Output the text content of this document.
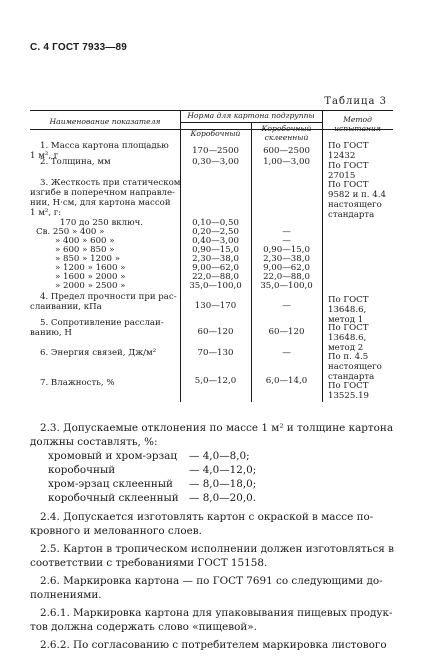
С. 4 ГОСТ 7933—89
Таблица 3
Наименование показателя
Норма для картона подгруппы
Коробочный
Коробочный
склеенный
Метод
испытания
1. Масса картона площадью
1 м², г	170—2500	600—2500	По ГОСТ
12432
2. Толщина, мм	0,30—3,00	1,00—3,00	По ГОСТ
27015
3. Жесткость при статическом
изгибе в поперечном направле-
нии, Н·см, для картона массой
1 м², г:
По ГОСТ
9582 и п. 4.4
настоящего
стандарта
170 до 250 включ.	0,10—0,50
Св. 250 » 400 »	0,20—2,50	—
» 400 » 600 »	0,40—3,00	—
» 600 » 850 »	0,90—15,0	0,90—15,0
» 850 » 1200 »	2,30—38,0	2,30—38,0
» 1200 » 1600 »	9,00—62,0	9,00—62,0
» 1600 » 2000 »	22,0—88,0	22,0—88,0
» 2000 » 2500 »	35,0—100,0	35,0—100,0
4. Предел прочности при рас-
слаивании, кПа	130—170	—
По ГОСТ
13648.6,
метод 1
5. Сопротивление расслаи-
ванию, Н	60—120	60—120	По ГОСТ
13648.6,
метод 2
6. Энергия связей, Дж/м²	70—130	—	По п. 4.5
настоящего
стандарта
7. Влажность, %	5,0—12,0	6,0—14,0	По ГОСТ
13525.19
2.3. Допускаемые отклонения по массе 1 м² и толщине картона
должны составлять, %:
хромовый и хром-эрзац — 4,0—8,0;
коробочный	— 4,0—12,0;
хром-эрзац склеенный — 8,0—18,0;
коробочный склеенный — 8,0—20,0.
2.4. Допускается изготовлять картон с окраской в массе по-
кровного и мелованного слоев.
2.5. Картон в тропическом исполнении должен изготовляться в
соответствии с требованиями ГОСТ 15158.
2.6. Маркировка картона — по ГОСТ 7691 со следующими до-
полнениями.
2.6.1. Маркировка картона для упаковывания пищевых продук-
тов должна содержать слово «пищевой».
2.6.2. По согласованию с потребителем маркировка листового
